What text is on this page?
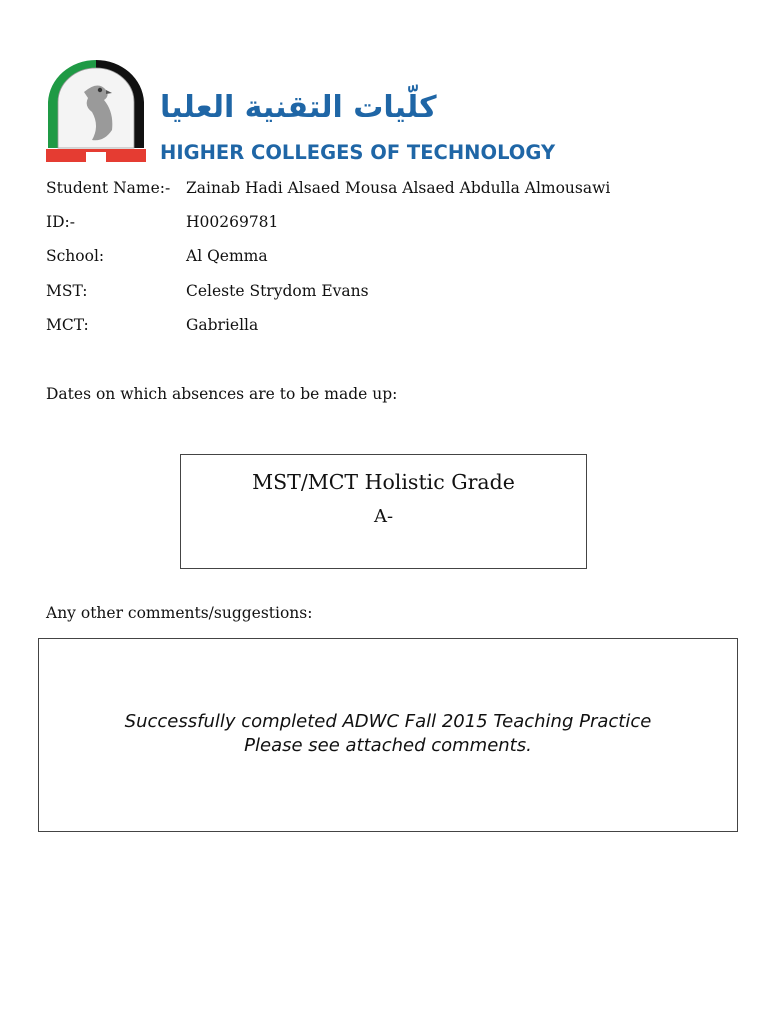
كلّيات التقنية العليا
HIGHER COLLEGES OF TECHNOLOGY
Student Name:- Zainab Hadi Alsaed Mousa Alsaed Abdulla Almousawi
ID:-	H00269781
School:	Al Qemma
MST:	Celeste Strydom Evans
MCT:	Gabriella
Dates on which absences are to be made up:
MST/MCT Holistic Grade
A-
Any other comments/suggestions:
Successfully completed ADWC Fall 2015 Teaching Practice
Please see attached comments.
